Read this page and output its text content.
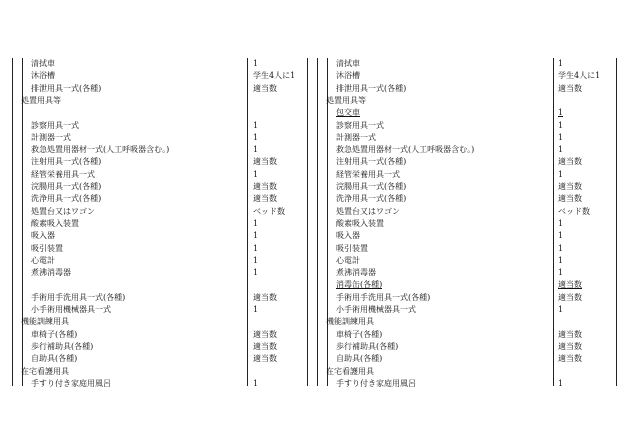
清拭車	1
沐浴槽	学生4人に1
排泄用具一式(各種)	適当数
処置用具等
診察用具一式	1
計測器一式	1
救急処置用器材一式(人工呼吸器含む。)	1
注射用具一式(各種)	適当数
経管栄養用具一式	1
浣腸用具一式(各種)	適当数
洗浄用具一式(各種)	適当数
処置台又はワゴン	ベッド数
酸素吸入装置	1
吸入器	1
吸引装置	1
心電計	1
煮沸消毒器	1
手術用手洗用具一式(各種)	適当数
小手術用機械器具一式	1
機能訓練用具
車椅子(各種)	適当数
歩行補助具(各種)	適当数
自助具(各種)	適当数
在宅看護用具
手すり付き家庭用風呂	1
清拭車	1
沐浴槽	学生4人に1
排泄用具一式(各種)	適当数
処置用具等
包交車	1
診察用具一式	1
計測器一式	1
救急処置用器材一式(人工呼吸器含む。)	1
注射用具一式(各種)	適当数
経管栄養用具一式	1
浣腸用具一式(各種)	適当数
洗浄用具一式(各種)	適当数
処置台又はワゴン	ベッド数
酸素吸入装置	1
吸入器	1
吸引装置	1
心電計	1
煮沸消毒器	1
消毒缶(各種)	適当数
手術用手洗用具一式(各種)	適当数
小手術用機械器具一式	1
機能訓練用具
車椅子(各種)	適当数
歩行補助具(各種)	適当数
自助具(各種)	適当数
在宅看護用具
手すり付き家庭用風呂	1
